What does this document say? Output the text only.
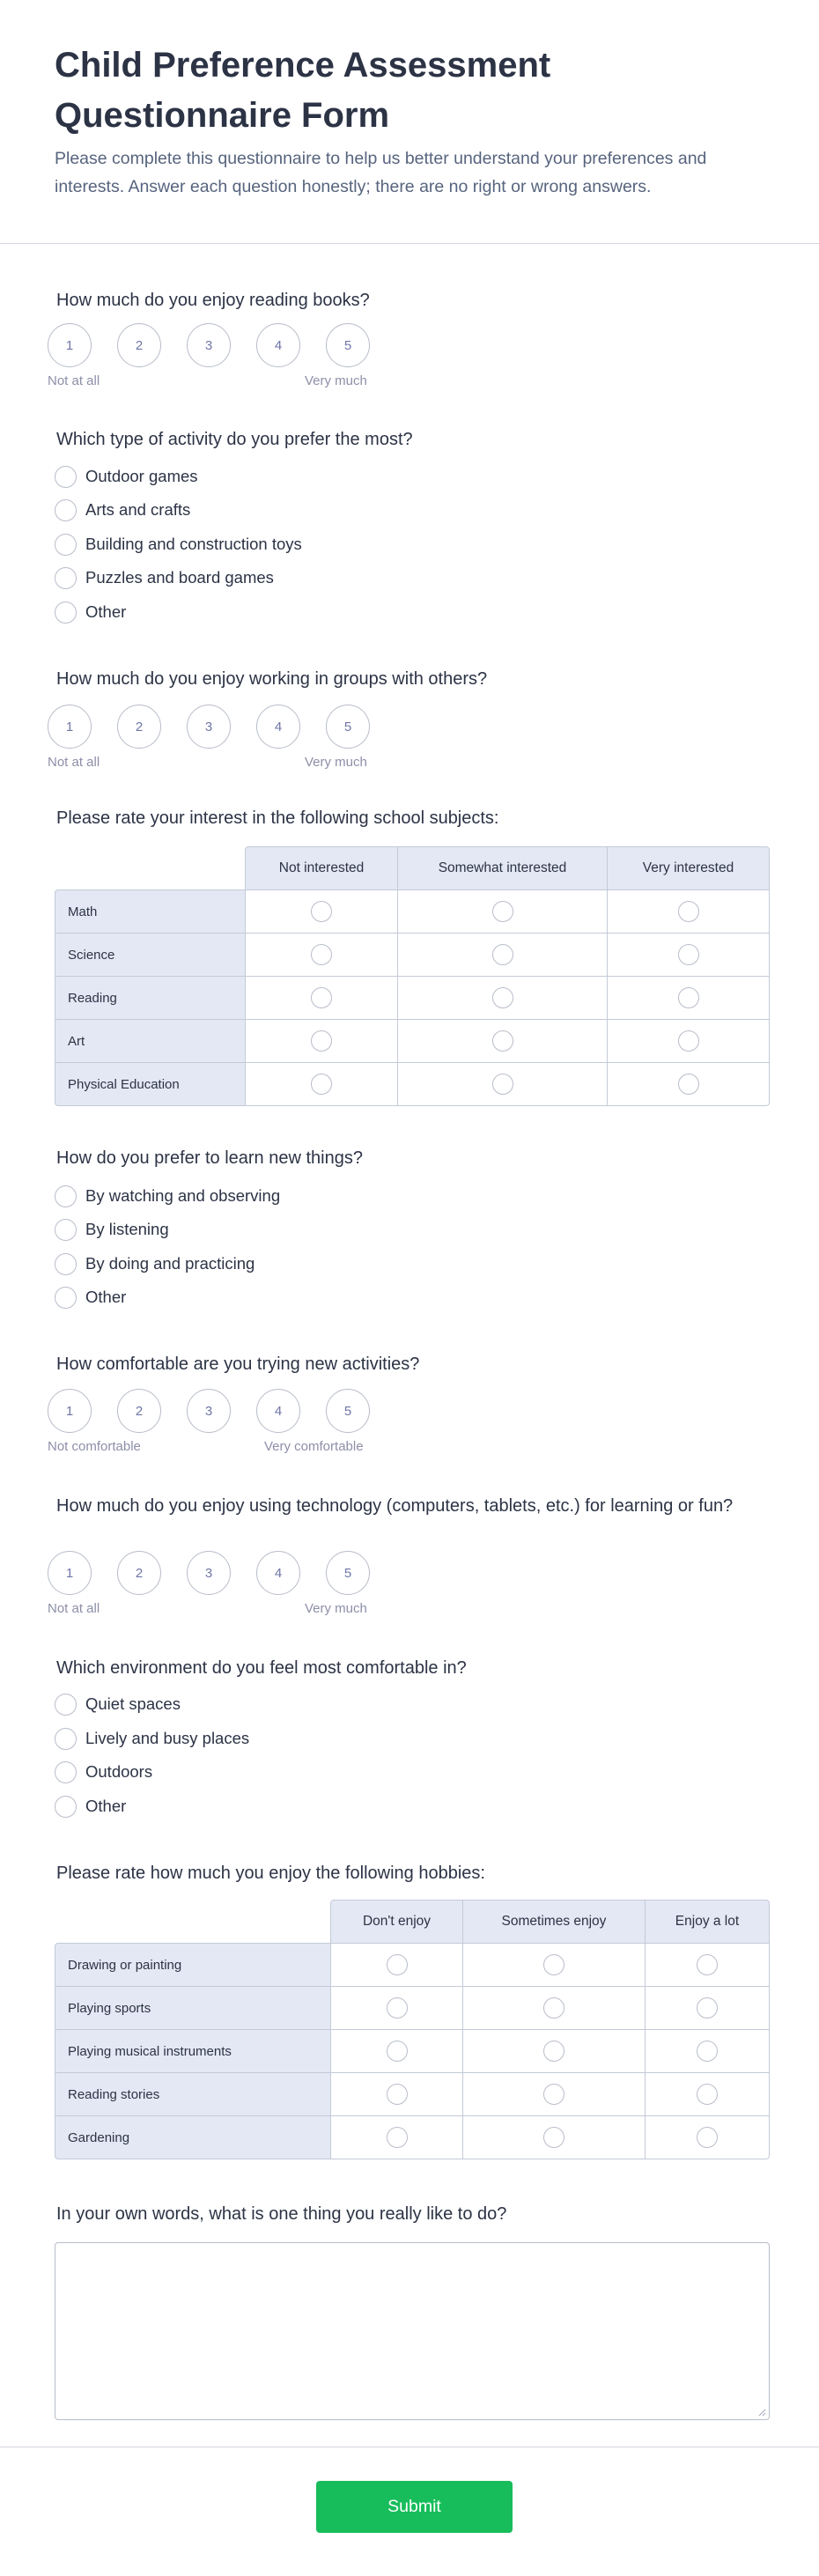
Child Preference Assessment Questionnaire Form
Please complete this questionnaire to help us better understand your preferences and interests. Answer each question honestly; there are no right or wrong answers.
How much do you enjoy reading books?
1	2	3	4	5
Not at all	Very much
Which type of activity do you prefer the most?
Outdoor games
Arts and crafts
Building and construction toys
Puzzles and board games
Other
How much do you enjoy working in groups with others?
1	2	3	4	5
Not at all	Very much
Please rate your interest in the following school subjects:
Not interested	Somewhat interested	Very interested
Math
Science
Reading
Art
Physical Education
How do you prefer to learn new things?
By watching and observing
By listening
By doing and practicing
Other
How comfortable are you trying new activities?
1	2	3	4	5
Not comfortable	Very comfortable
How much do you enjoy using technology (computers, tablets, etc.) for learning or fun?
1	2	3	4	5
Not at all	Very much
Which environment do you feel most comfortable in?
Quiet spaces
Lively and busy places
Outdoors
Other
Please rate how much you enjoy the following hobbies:
Don't enjoy	Sometimes enjoy	Enjoy a lot
Drawing or painting
Playing sports
Playing musical instruments
Reading stories
Gardening
In your own words, what is one thing you really like to do?
Submit
